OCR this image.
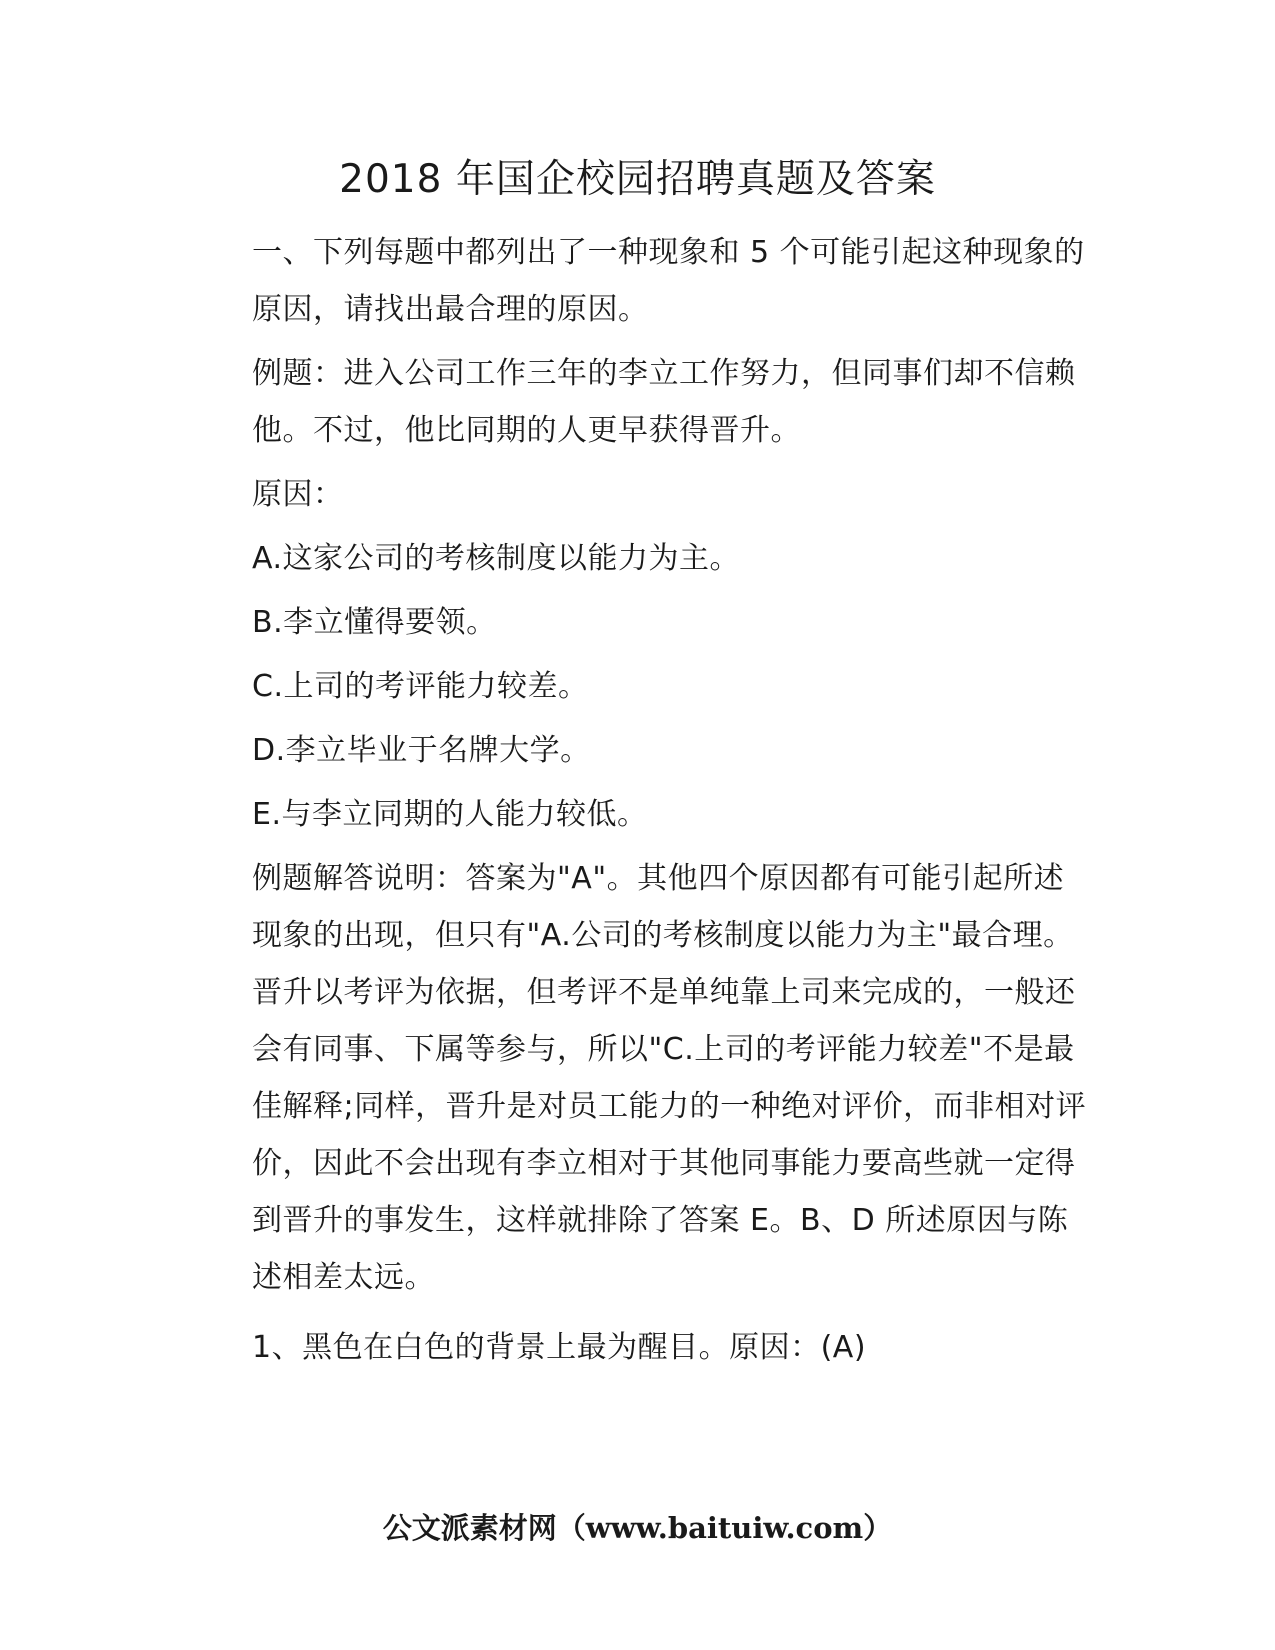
2018 年国企校园招聘真题及答案

一、下列每题中都列出了一种现象和 5 个可能引起这种现象的原因，请找出最合理的原因。

例题：进入公司工作三年的李立工作努力，但同事们却不信赖他。不过，他比同期的人更早获得晋升。

原因：

A.这家公司的考核制度以能力为主。

B.李立懂得要领。

C.上司的考评能力较差。

D.李立毕业于名牌大学。

E.与李立同期的人能力较低。

例题解答说明：答案为"A"。其他四个原因都有可能引起所述现象的出现，但只有"A.公司的考核制度以能力为主"最合理。晋升以考评为依据，但考评不是单纯靠上司来完成的，一般还会有同事、下属等参与，所以"C.上司的考评能力较差"不是最佳解释;同样，晋升是对员工能力的一种绝对评价，而非相对评价，因此不会出现有李立相对于其他同事能力要高些就一定得到晋升的事发生，这样就排除了答案 E。B、D 所述原因与陈述相差太远。

1、黑色在白色的背景上最为醒目。原因：(A)

公文派素材网（www.baituiw.com）
